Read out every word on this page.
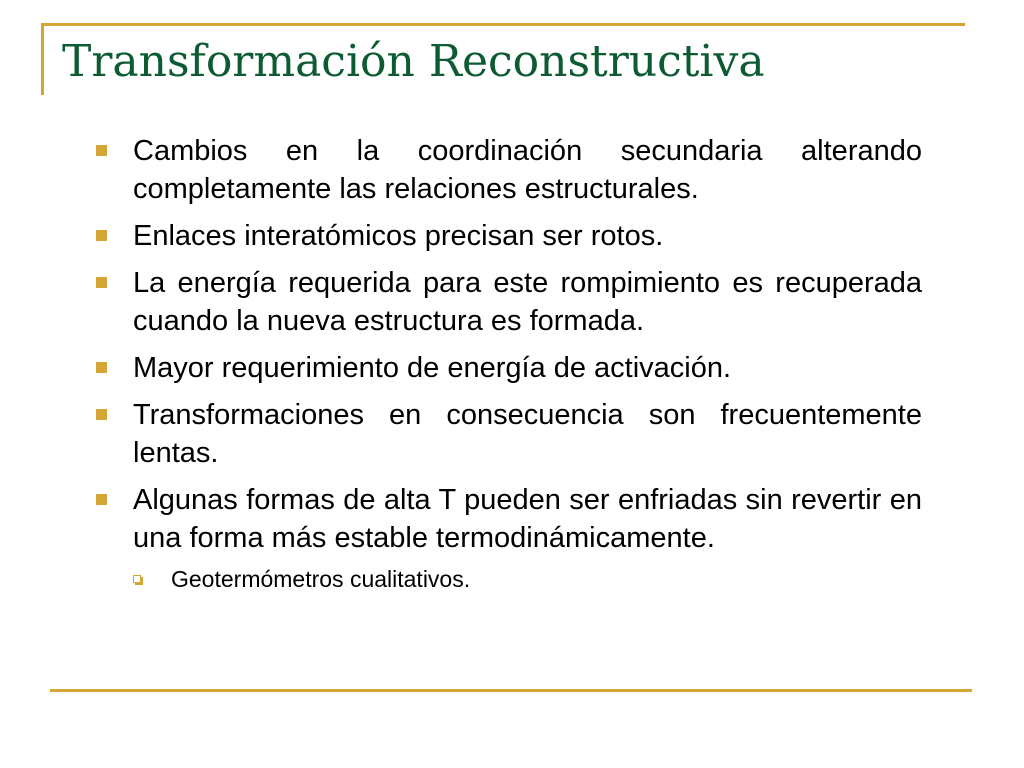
Transformación Reconstructiva
Cambios en la coordinación secundaria alterando completamente las relaciones estructurales.
Enlaces interatómicos precisan ser rotos.
La energía requerida para este rompimiento es recuperada cuando la nueva estructura es formada.
Mayor requerimiento de energía de activación.
Transformaciones en consecuencia son frecuentemente lentas.
Algunas formas de alta T pueden ser enfriadas sin revertir en una forma más estable termodinámicamente.
Geotermómetros cualitativos.
